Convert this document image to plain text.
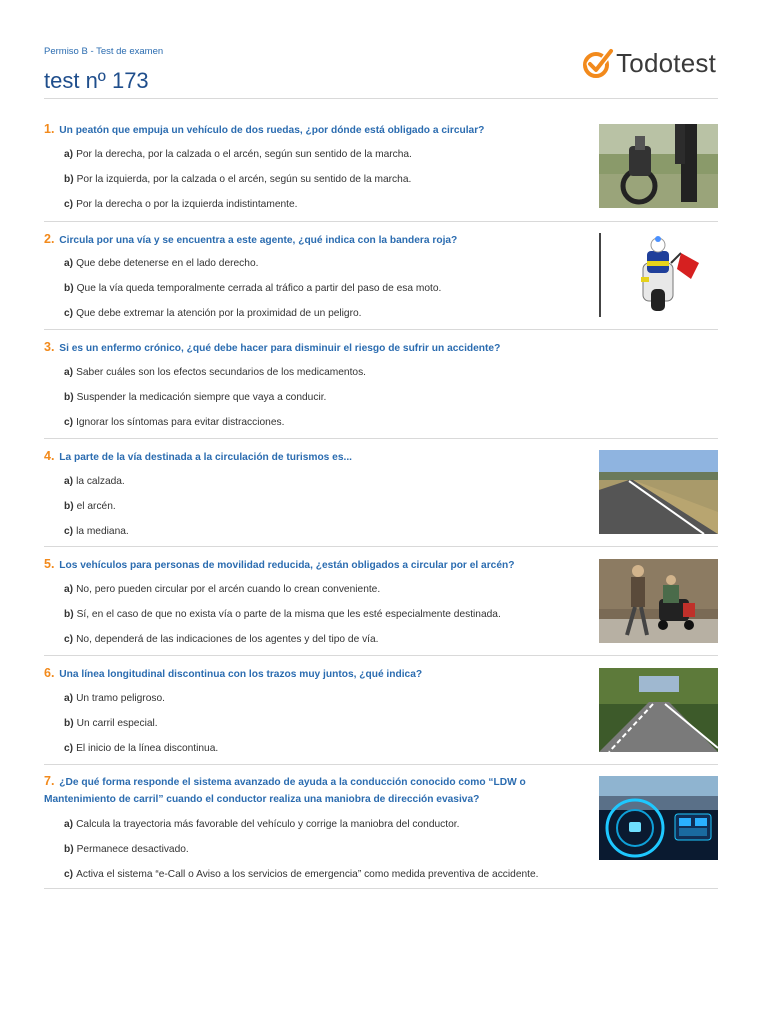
Permiso B - Test de examen
test nº 173
Todotest
1. Un peatón que empuja un vehículo de dos ruedas, ¿por dónde está obligado a circular?
a) Por la derecha, por la calzada o el arcén, según sun sentido de la marcha.
b) Por la izquierda, por la calzada o el arcén, según su sentido de la marcha.
c) Por la derecha o por la izquierda indistintamente.
2. Circula por una vía y se encuentra a este agente, ¿qué indica con la bandera roja?
a) Que debe detenerse en el lado derecho.
b) Que la vía queda temporalmente cerrada al tráfico a partir del paso de esa moto.
c) Que debe extremar la atención por la proximidad de un peligro.
3. Si es un enfermo crónico, ¿qué debe hacer para disminuir el riesgo de sufrir un accidente?
a) Saber cuáles son los efectos secundarios de los medicamentos.
b) Suspender la medicación siempre que vaya a conducir.
c) Ignorar los síntomas para evitar distracciones.
4. La parte de la vía destinada a la circulación de turismos es...
a) la calzada.
b) el arcén.
c) la mediana.
5. Los vehículos para personas de movilidad reducida, ¿están obligados a circular por el arcén?
a) No, pero pueden circular por el arcén cuando lo crean conveniente.
b) Sí, en el caso de que no exista vía o parte de la misma que les esté especialmente destinada.
c) No, dependerá de las indicaciones de los agentes y del tipo de vía.
6. Una línea longitudinal discontinua con los trazos muy juntos, ¿qué indica?
a) Un tramo peligroso.
b) Un carril especial.
c) El inicio de la línea discontinua.
7. ¿De qué forma responde el sistema avanzado de ayuda a la conducción conocido como “LDW o Mantenimiento de carril” cuando el conductor realiza una maniobra de dirección evasiva?
a) Calcula la trayectoria más favorable del vehículo y corrige la maniobra del conductor.
b) Permanece desactivado.
c) Activa el sistema “e-Call o Aviso a los servicios de emergencia” como medida preventiva de accidente.
